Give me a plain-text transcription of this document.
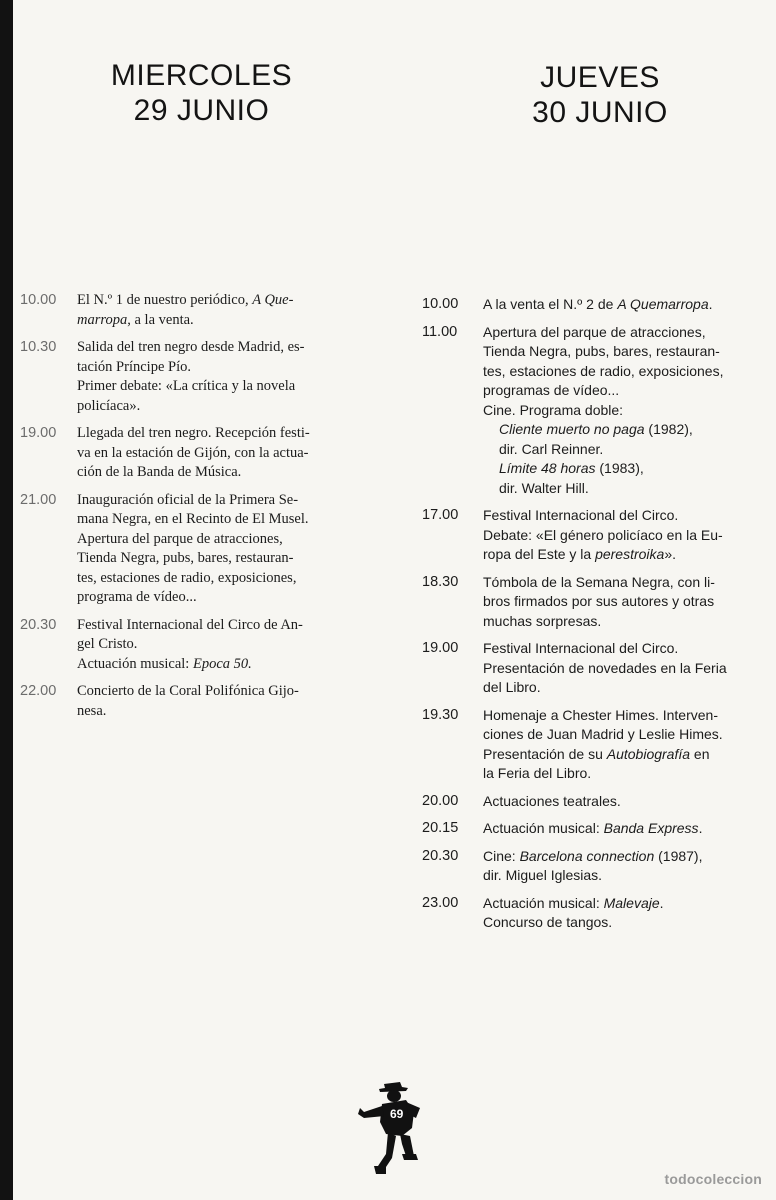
MIERCOLES
29 JUNIO
10.00	El N.º 1 de nuestro periódico, A Que-
marropa, a la venta.
10.30	Salida del tren negro desde Madrid, es-
tación Príncipe Pío.
Primer debate: «La crítica y la novela
policíaca».
19.00	Llegada del tren negro. Recepción festi-
va en la estación de Gijón, con la actua-
ción de la Banda de Música.
21.00	Inauguración oficial de la Primera Se-
mana Negra, en el Recinto de El Musel.
Apertura del parque de atracciones,
Tienda Negra, pubs, bares, restauran-
tes, estaciones de radio, exposiciones,
programa de vídeo...
20.30	Festival Internacional del Circo de An-
gel Cristo.
Actuación musical: Epoca 50.
22.00	Concierto de la Coral Polifónica Gijo-
nesa.
JUEVES
30 JUNIO
10.00	A la venta el N.º 2 de A Quemarropa.
11.00	Apertura del parque de atracciones,
Tienda Negra, pubs, bares, restauran-
tes, estaciones de radio, exposiciones,
programas de vídeo...
Cine. Programa doble:
Cliente muerto no paga (1982),
dir. Carl Reinner.
Límite 48 horas (1983),
dir. Walter Hill.
17.00	Festival Internacional del Circo.
Debate: «El género policíaco en la Eu-
ropa del Este y la perestroika».
18.30	Tómbola de la Semana Negra, con li-
bros firmados por sus autores y otras
muchas sorpresas.
19.00	Festival Internacional del Circo.
Presentación de novedades en la Feria
del Libro.
19.30	Homenaje a Chester Himes. Interven-
ciones de Juan Madrid y Leslie Himes.
Presentación de su Autobiografía en
la Feria del Libro.
20.00	Actuaciones teatrales.
20.15	Actuación musical: Banda Express.
20.30	Cine: Barcelona connection (1987),
dir. Miguel Iglesias.
23.00	Actuación musical: Malevaje.
Concurso de tangos.
69
todocoleccion
